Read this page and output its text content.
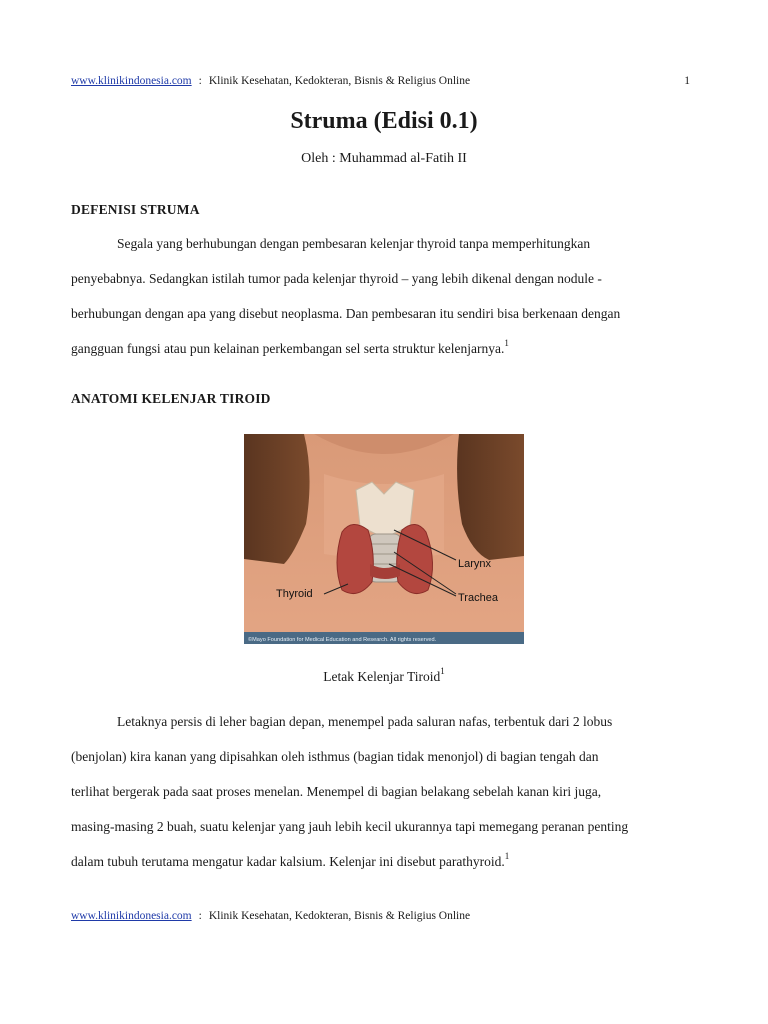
www.klinikindonesia.com : Klinik Kesehatan, Kedokteran, Bisnis & Religius Online	1
Struma (Edisi 0.1)
Oleh : Muhammad al-Fatih II
DEFENISI STRUMA
Segala yang berhubungan dengan pembesaran kelenjar thyroid tanpa memperhitungkan
penyebabnya. Sedangkan istilah tumor pada kelenjar thyroid – yang lebih dikenal dengan nodule -
berhubungan dengan apa yang disebut neoplasma. Dan pembesaran itu sendiri bisa berkenaan dengan
gangguan fungsi atau pun kelainan perkembangan sel serta struktur kelenjarnya.$^1$
ANATOMI KELENJAR TIROID
Larynx
Trachea
Thyroid
©Mayo Foundation for Medical Education and Research. All rights reserved.
Letak Kelenjar Tiroid$^1$
Letaknya persis di leher bagian depan, menempel pada saluran nafas, terbentuk dari 2 lobus
(benjolan) kira kanan yang dipisahkan oleh isthmus (bagian tidak menonjol) di bagian tengah dan
terlihat bergerak pada saat proses menelan. Menempel di bagian belakang sebelah kanan kiri juga,
masing-masing 2 buah, suatu kelenjar yang jauh lebih kecil ukurannya tapi memegang peranan penting
dalam tubuh terutama mengatur kadar kalsium. Kelenjar ini disebut parathyroid.$^1$
www.klinikindonesia.com : Klinik Kesehatan, Kedokteran, Bisnis & Religius Online
